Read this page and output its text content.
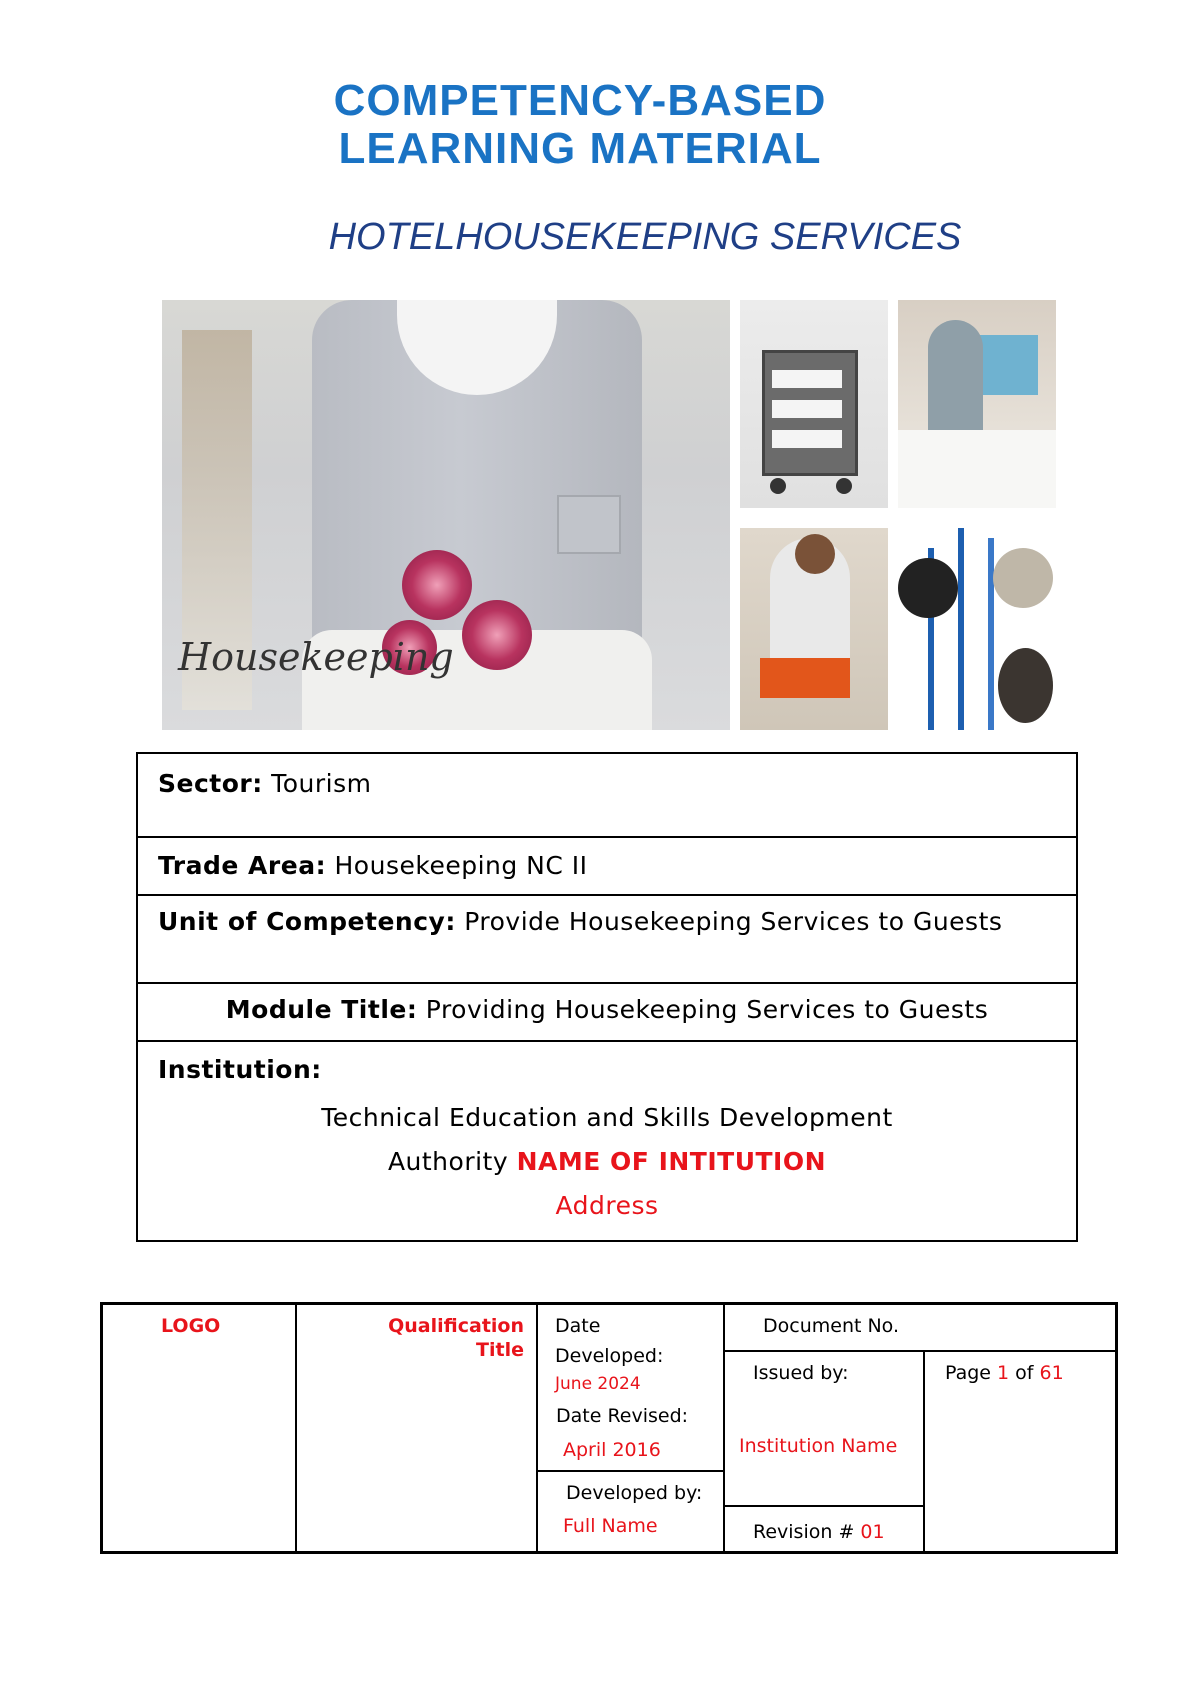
COMPETENCY-BASED
LEARNING MATERIAL
HOTELHOUSEKEEPING SERVICES
Housekeeping
Sector: Tourism
Trade Area: Housekeeping NC II
Unit of Competency: Provide Housekeeping Services to Guests
Module Title: Providing Housekeeping Services to Guests
Institution:
Technical Education and Skills Development
Authority NAME OF INTITUTION
Address
LOGO	Qualification
Title
Date
Developed:
June 2024
Date Revised:
April 2016
Developed by:
Full Name
Document No.
Issued by:
Institution Name
Revision # 01
Page 1 of 61
